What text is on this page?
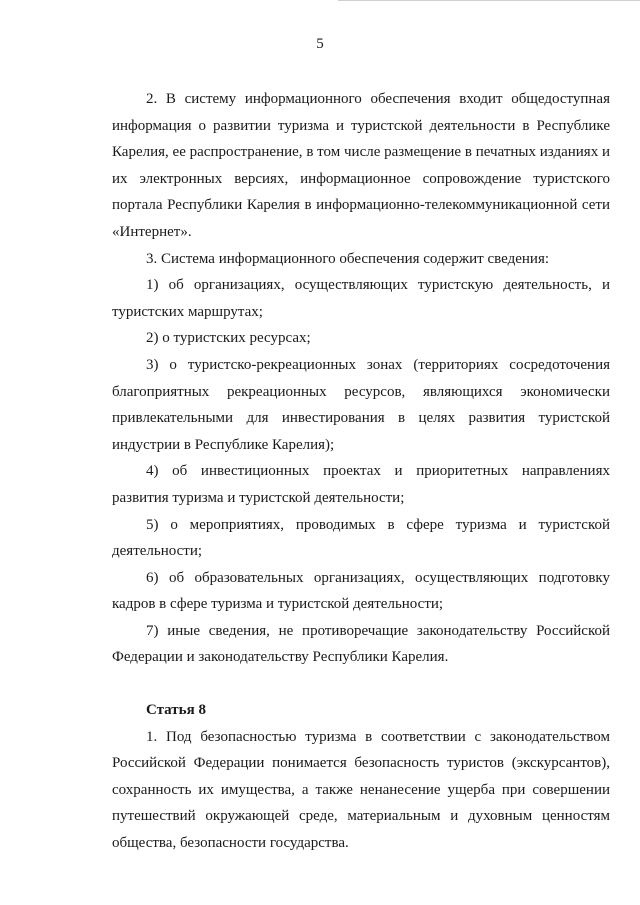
5

2. В систему информационного обеспечения входит общедоступная информация о развитии туризма и туристской деятельности в Республике Карелия, ее распространение, в том числе размещение в печатных изданиях и их электронных версиях, информационное сопровождение туристского портала Республики Карелия в информационно-телекоммуникационной сети «Интернет».

3. Система информационного обеспечения содержит сведения:

1) об организациях, осуществляющих туристскую деятельность, и туристских маршрутах;

2) о туристских ресурсах;

3) о туристско-рекреационных зонах (территориях сосредоточения благоприятных рекреационных ресурсов, являющихся экономически привлекательными для инвестирования в целях развития туристской индустрии в Республике Карелия);

4) об инвестиционных проектах и приоритетных направлениях развития туризма и туристской деятельности;

5) о мероприятиях, проводимых в сфере туризма и туристской деятельности;

6) об образовательных организациях, осуществляющих подготовку кадров в сфере туризма и туристской деятельности;

7) иные сведения, не противоречащие законодательству Российской Федерации и законодательству Республики Карелия.

Статья 8

1. Под безопасностью туризма в соответствии с законодательством Российской Федерации понимается безопасность туристов (экскурсантов), сохранность их имущества, а также ненанесение ущерба при совершении путешествий окружающей среде, материальным и духовным ценностям общества, безопасности государства.
